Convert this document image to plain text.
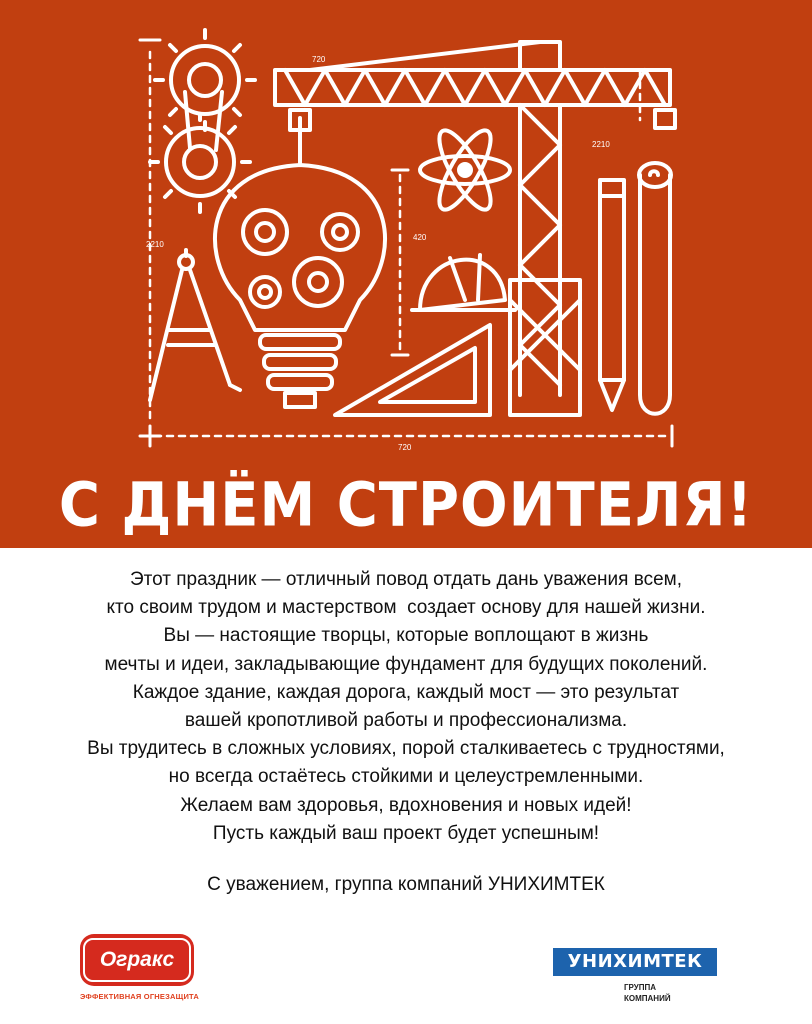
720
2210
2210
420
720
С ДНЁМ СТРОИТЕЛЯ!
Этот праздник — отличный повод отдать дань уважения всем,
кто своим трудом и мастерством  создает основу для нашей жизни.
Вы — настоящие творцы, которые воплощают в жизнь
мечты и идеи, закладывающие фундамент для будущих поколений.
Каждое здание, каждая дорога, каждый мост — это результат
вашей кропотливой работы и профессионализма.
Вы трудитесь в сложных условиях, порой сталкиваетесь с трудностями,
но всегда остаётесь стойкими и целеустремленными.
Желаем вам здоровья, вдохновения и новых идей!
Пусть каждый ваш проект будет успешным!
С уважением, группа компаний УНИХИМТЕК
Огракс
ЭФФЕКТИВНАЯ ОГНЕЗАЩИТА
УНИХИМТЕК
ГРУППА
КОМПАНИЙ
